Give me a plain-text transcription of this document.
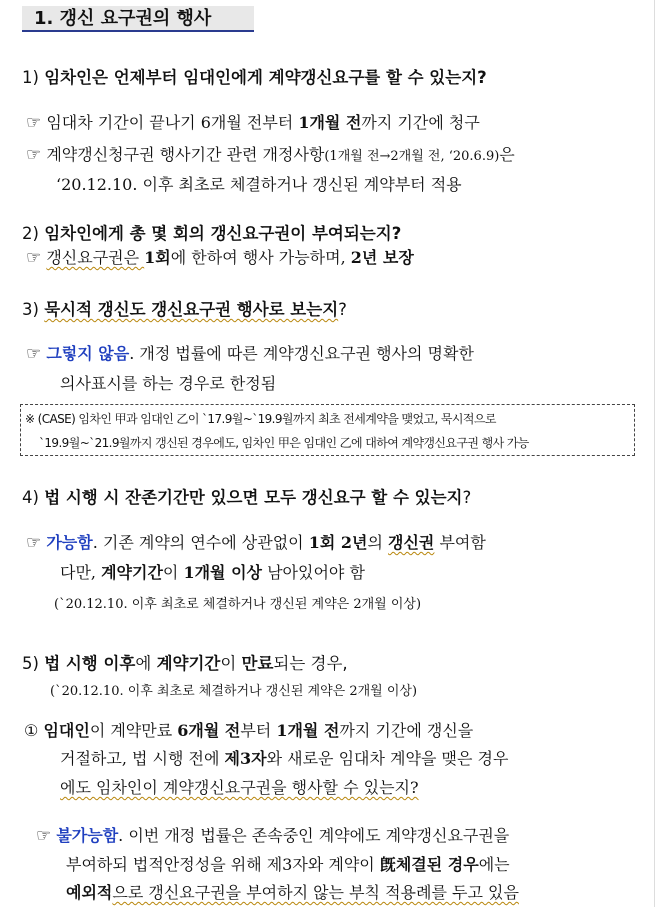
1. 갱신 요구권의 행사
1) 임차인은 언제부터 임대인에게 계약갱신요구를 할 수 있는지?
☞ 임대차 기간이 끝나기 6개월 전부터 1개월 전까지 기간에 청구
☞ 계약갱신청구권 행사기간 관련 개정사항(1개월 전→2개월 전, ‘20.6.9)은
‘20.12.10. 이후 최초로 체결하거나 갱신된 계약부터 적용
2) 임차인에게 총 몇 회의 갱신요구권이 부여되는지?
☞ 갱신요구권은 1회에 한하여 행사 가능하며, 2년 보장
3) 묵시적 갱신도 갱신요구권 행사로 보는지?
☞ 그렇지 않음. 개정 법률에 따른 계약갱신요구권 행사의 명확한
의사표시를 하는 경우로 한정됨
※ (CASE) 임차인 甲과 임대인 乙이 `17.9월~`19.9월까지 최초 전세계약을 맺었고, 묵시적으로
`19.9월~`21.9월까지 갱신된 경우에도, 임차인 甲은 임대인 乙에 대하여 계약갱신요구권 행사 가능
4) 법 시행 시 잔존기간만 있으면 모두 갱신요구 할 수 있는지?
☞ 가능함. 기존 계약의 연수에 상관없이 1회 2년의 갱신권 부여함
다만, 계약기간이 1개월 이상 남아있어야 함
(`20.12.10. 이후 최초로 체결하거나 갱신된 계약은 2개월 이상)
5) 법 시행 이후에 계약기간이 만료되는 경우,
(`20.12.10. 이후 최초로 체결하거나 갱신된 계약은 2개월 이상)
① 임대인이 계약만료 6개월 전부터 1개월 전까지 기간에 갱신을
거절하고, 법 시행 전에 제3자와 새로운 임대차 계약을 맺은 경우
에도 임차인이 계약갱신요구권을 행사할 수 있는지?
☞ 불가능함. 이번 개정 법률은 존속중인 계약에도 계약갱신요구권을
부여하되 법적안정성을 위해 제3자와 계약이 旣체결된 경우에는
예외적으로 갱신요구권을 부여하지 않는 부칙 적용례를 두고 있음
